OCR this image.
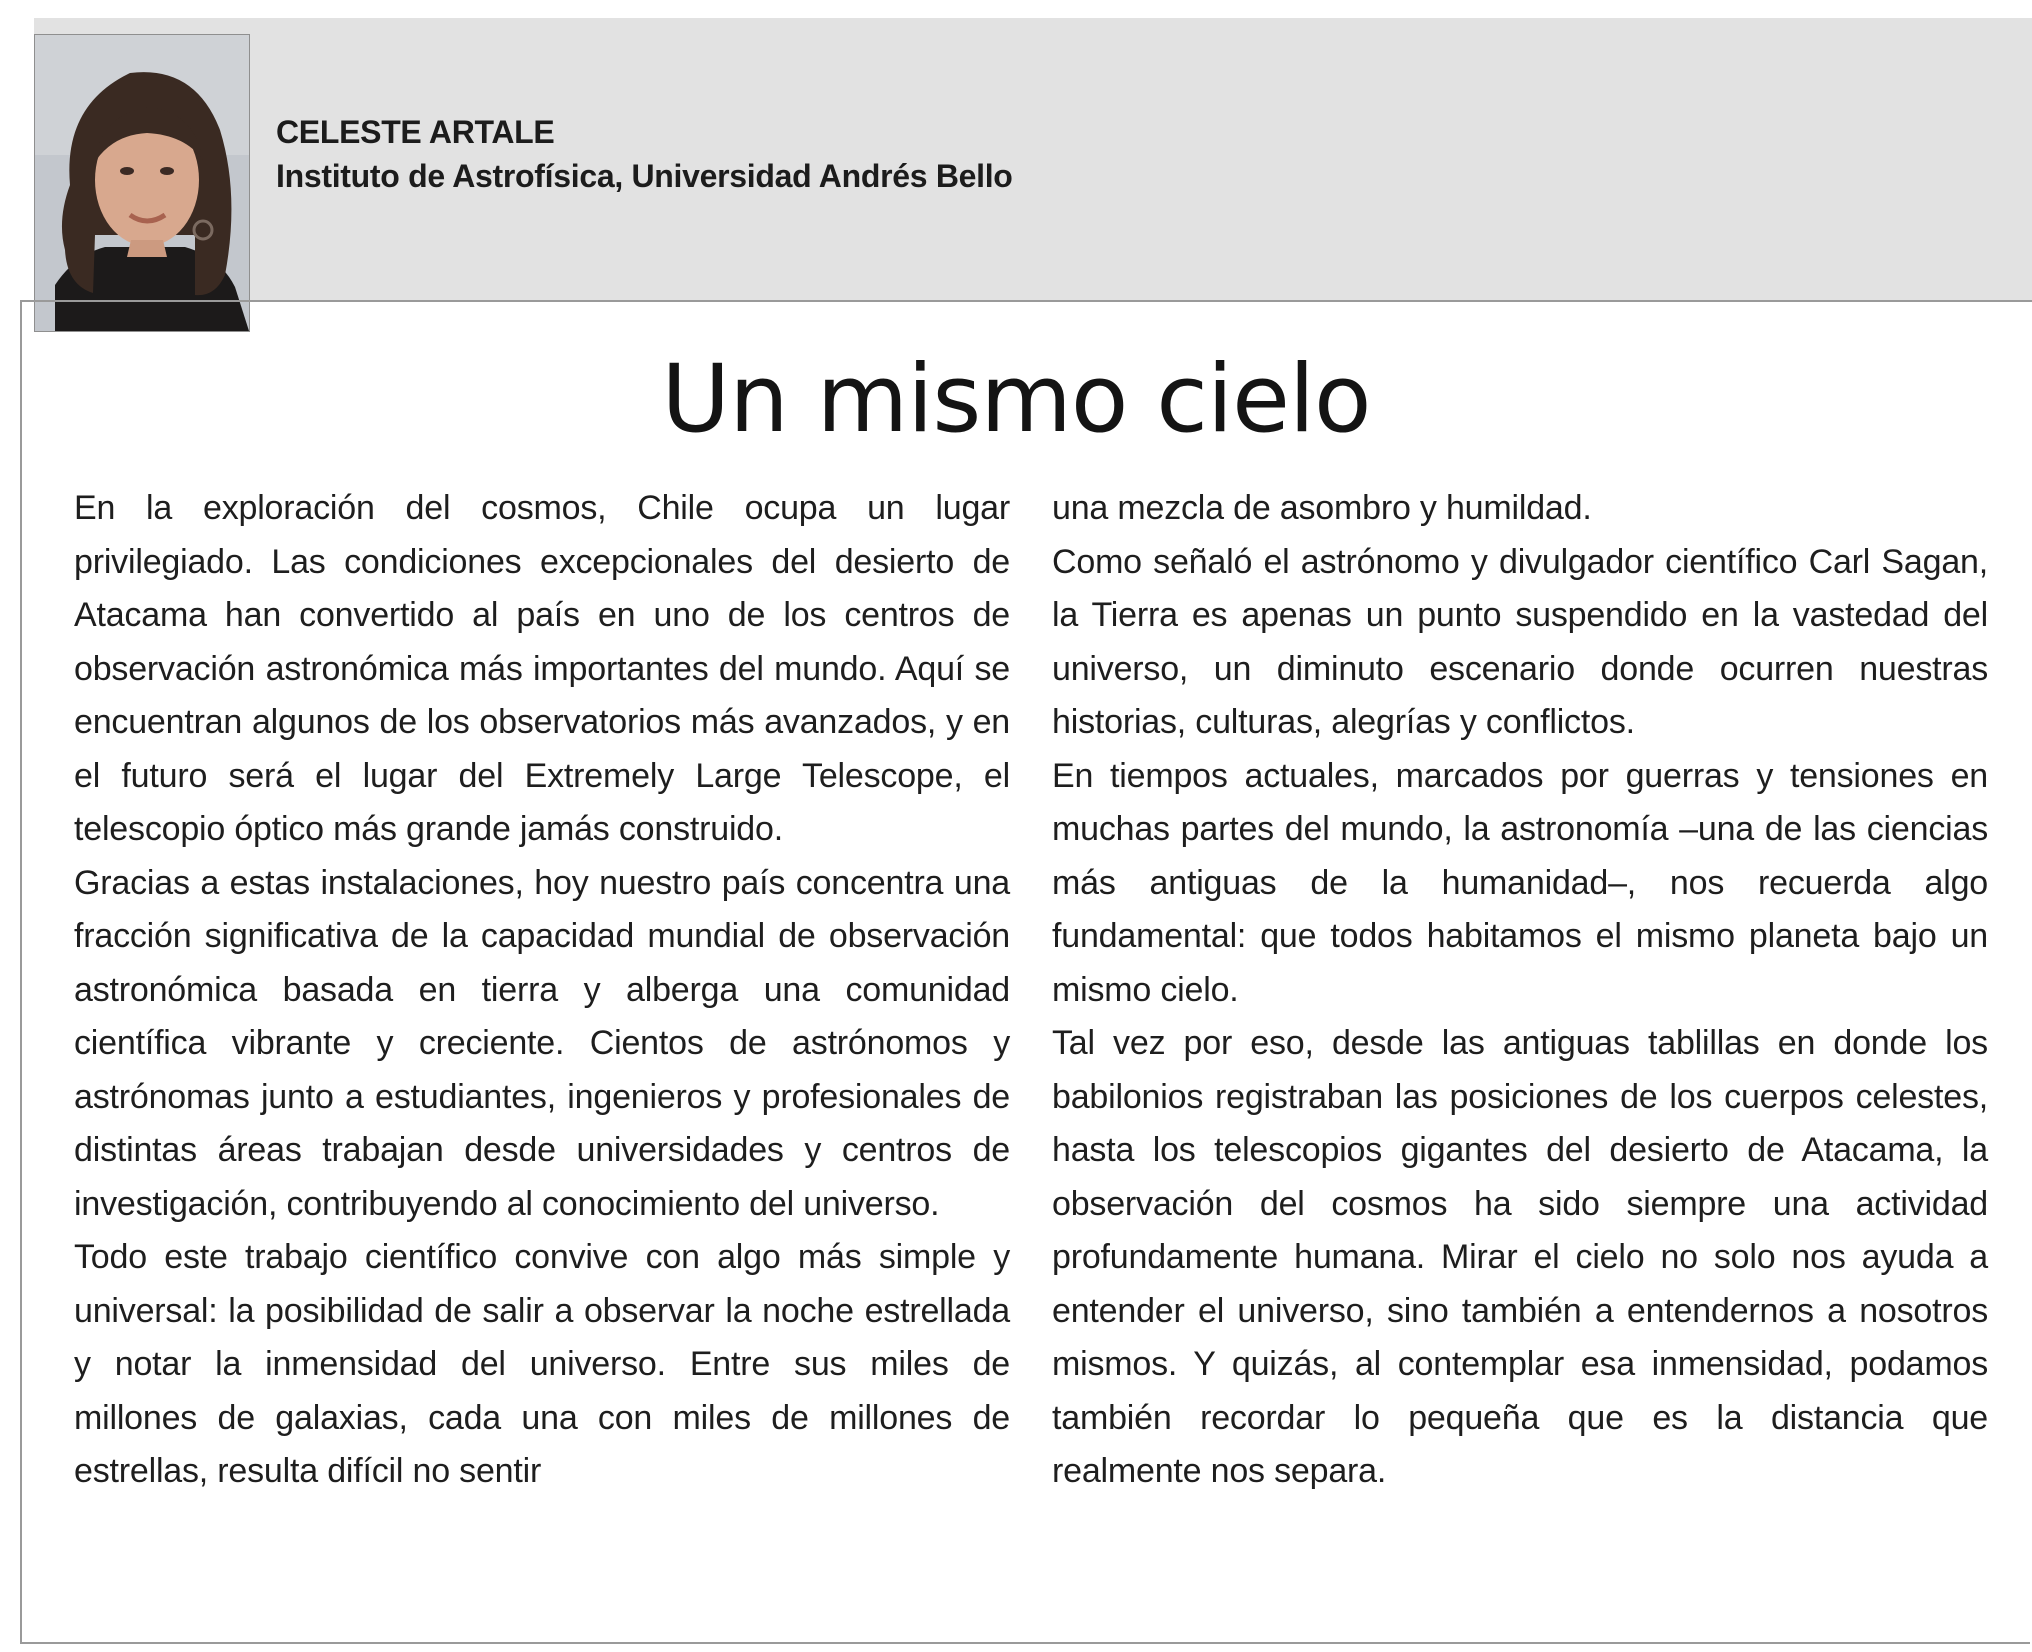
CELESTE ARTALE
Instituto de Astrofísica, Universidad Andrés Bello
Un mismo cielo

En la exploración del cosmos, Chile ocupa un lugar privilegiado. Las condiciones excepcionales del desierto de Atacama han convertido al país en uno de los centros de observación astronómica más importantes del mundo. Aquí se encuentran algunos de los observatorios más avanzados, y en el futuro será el lugar del Extremely Large Telescope, el telescopio óptico más grande jamás construido.

Gracias a estas instalaciones, hoy nuestro país concentra una fracción significativa de la capacidad mundial de observación astronómica basada en tierra y alberga una comunidad científica vibrante y creciente. Cientos de astrónomos y astrónomas junto a estudiantes, ingenieros y profesionales de distintas áreas trabajan desde universidades y centros de investigación, contribuyendo al conocimiento del universo.

Todo este trabajo científico convive con algo más simple y universal: la posibilidad de salir a observar la noche estrellada y notar la inmensidad del universo. Entre sus miles de millones de galaxias, cada una con miles de millones de estrellas, resulta difícil no sentir

una mezcla de asombro y humildad.

Como señaló el astrónomo y divulgador científico Carl Sagan, la Tierra es apenas un punto suspendido en la vastedad del universo, un diminuto escenario donde ocurren nuestras historias, culturas, alegrías y conflictos.

En tiempos actuales, marcados por guerras y tensiones en muchas partes del mundo, la astronomía –una de las ciencias más antiguas de la humanidad–, nos recuerda algo fundamental: que todos habitamos el mismo planeta bajo un mismo cielo.

Tal vez por eso, desde las antiguas tablillas en donde los babilonios registraban las posiciones de los cuerpos celestes, hasta los telescopios gigantes del desierto de Atacama, la observación del cosmos ha sido siempre una actividad profundamente humana. Mirar el cielo no solo nos ayuda a entender el universo, sino también a entendernos a nosotros mismos. Y quizás, al contemplar esa inmensidad, podamos también recordar lo pequeña que es la distancia que realmente nos separa.
